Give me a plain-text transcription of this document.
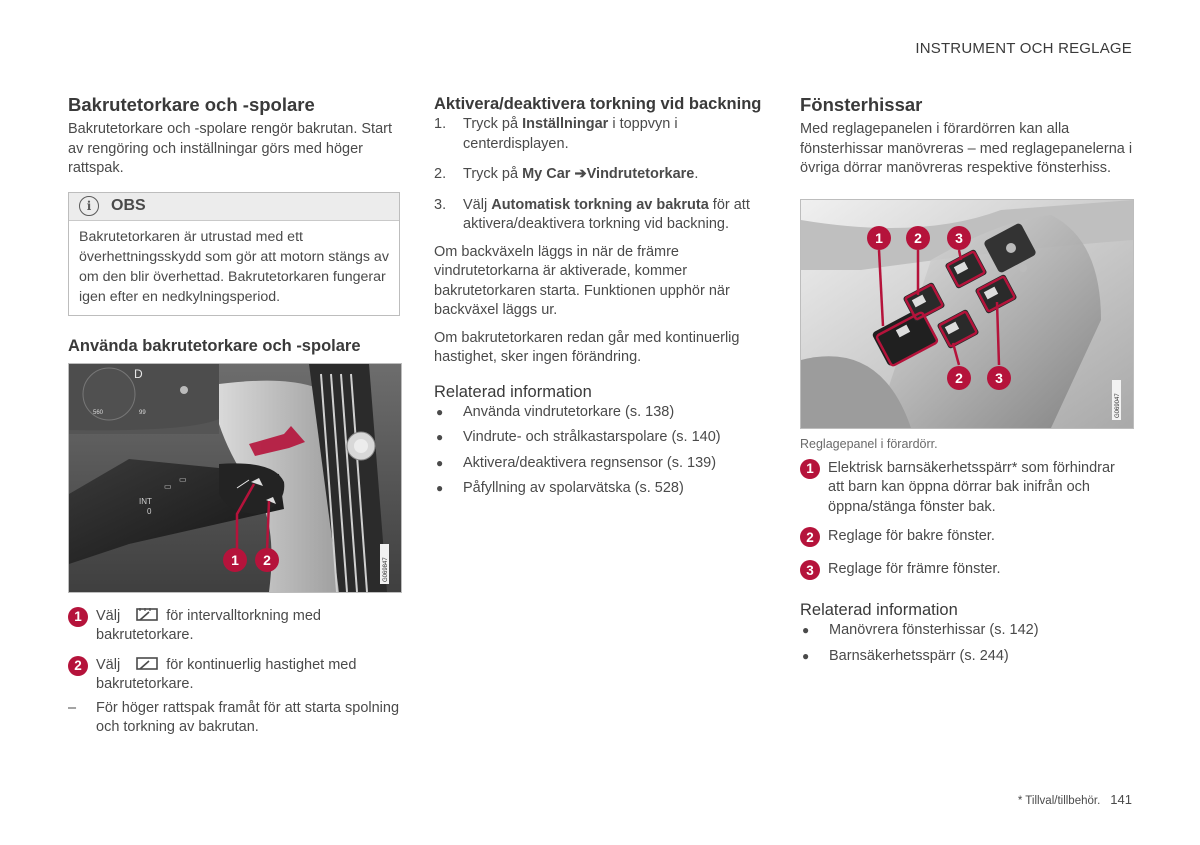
INSTRUMENT OCH REGLAGE
Bakrutetorkare och -spolare

Bakrutetorkare och -spolare rengör bakrutan. Start av rengöring och inställningar görs med höger rattspak.

i	OBS
Bakrutetorkaren är utrustad med ett överhettningsskydd som gör att motorn stängs av om den blir överhettad. Bakrutetorkaren fungerar igen efter en nedkylningsperiod.
Använda bakrutetorkare och -spolare
D
560	99
INT
0
▭
▭
1 2	G069847
1 Välj	för intervalltorkning med bakrutetorkare.
2 Välj	för kontinuerlig hastighet med bakrutetorkare.
–	För höger rattspak framåt för att starta spolning och torkning av bakrutan.
Aktivera/deaktivera torkning vid backning
1.	Tryck på Inställningar i toppvyn i centerdisplayen.
2.	Tryck på My Car ➔Vindrutetorkare.
3.	Välj Automatisk torkning av bakruta för att aktivera/deaktivera torkning vid backning.

Om backväxeln läggs in när de främre vindrutetorkarna är aktiverade, kommer bakrutetorkaren starta. Funktionen upphör när backväxel läggs ur.

Om bakrutetorkaren redan går med kontinuerlig hastighet, sker ingen förändring.

Relaterad information
●	Använda vindrutetorkare (s. 138)
●	Vindrute- och strålkastarspolare (s. 140)
●	Aktivera/deaktivera regnsensor (s. 139)
●	Påfyllning av spolarvätska (s. 528)
Fönsterhissar

Med reglagepanelen i förardörren kan alla fönsterhissar manövreras – med reglagepanelerna i övriga dörrar manövreras respektive fönsterhiss.

1 2 3
2 3
G069047
Reglagepanel i förardörr.
1 Elektrisk barnsäkerhetsspärr* som förhindrar att barn kan öppna dörrar bak inifrån och öppna/stänga fönster bak.
2 Reglage för bakre fönster.
3 Reglage för främre fönster.
Relaterad information
●	Manövrera fönsterhissar (s. 142)
●	Barnsäkerhetsspärr (s. 244)
* Tillval/tillbehör. 141
